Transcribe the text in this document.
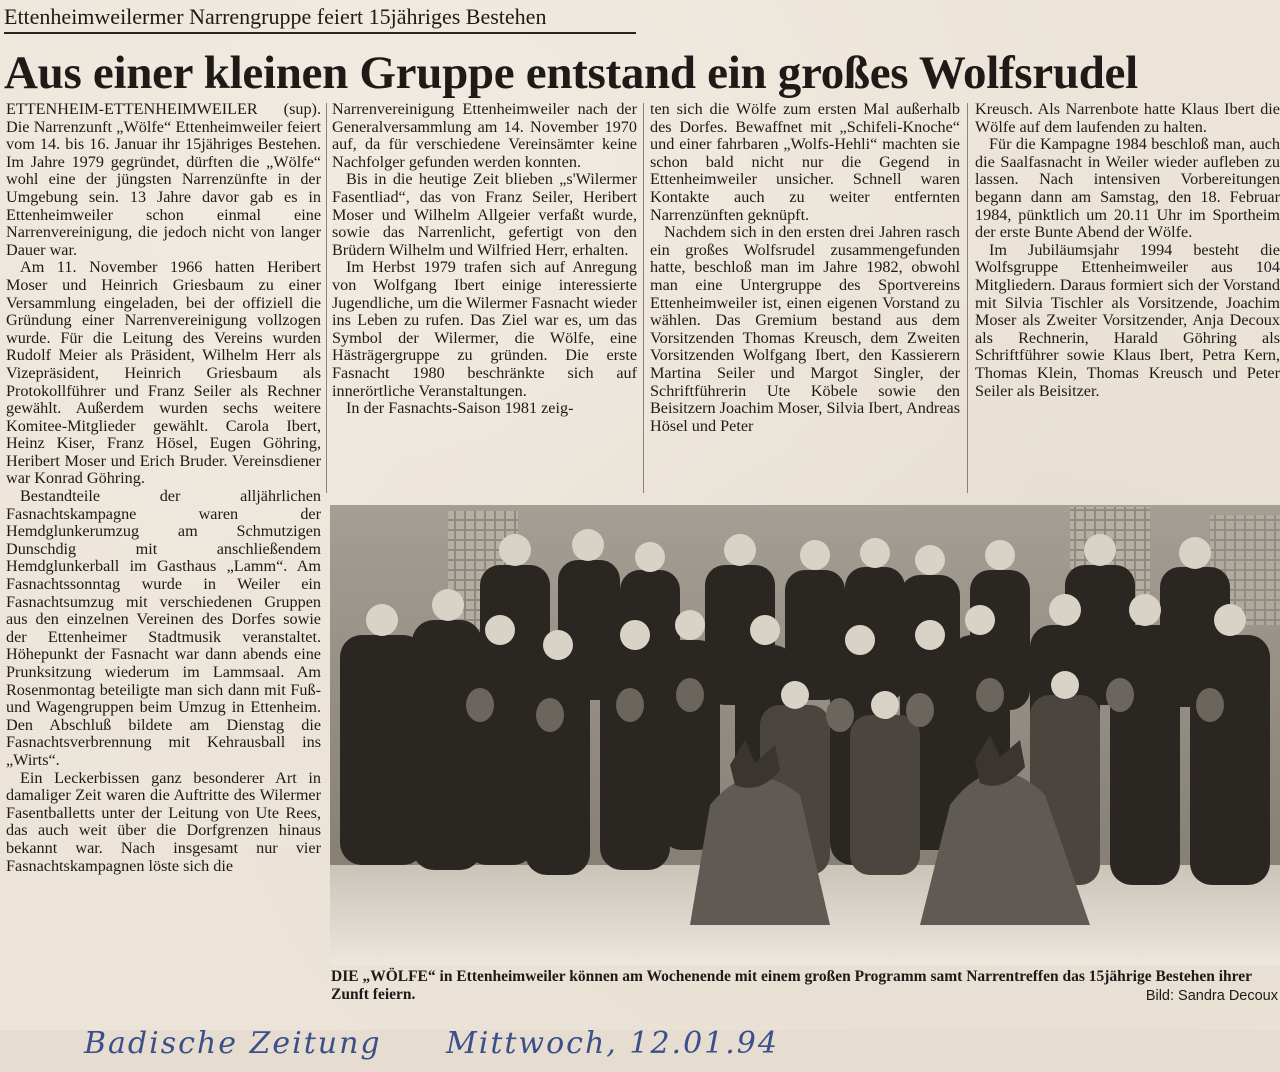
Ettenheimweilermer Narrengruppe feiert 15jähriges Bestehen
Aus einer kleinen Gruppe entstand ein großes Wolfsrudel

ETTENHEIM-ETTENHEIMWEILER (sup). Die Narrenzunft „Wölfe“ Ettenheimweiler feiert vom 14. bis 16. Januar ihr 15jähriges Bestehen. Im Jahre 1979 gegründet, dürften die „Wölfe“ wohl eine der jüngsten Narrenzünfte in der Umgebung sein. 13 Jahre davor gab es in Ettenheimweiler schon einmal eine Narrenvereinigung, die jedoch nicht von langer Dauer war.

Am 11. November 1966 hatten Heribert Moser und Heinrich Griesbaum zu einer Versammlung eingeladen, bei der offiziell die Gründung einer Narrenvereinigung vollzogen wurde. Für die Leitung des Vereins wurden Rudolf Meier als Präsident, Wilhelm Herr als Vizepräsident, Heinrich Griesbaum als Protokollführer und Franz Seiler als Rechner gewählt. Außerdem wurden sechs weitere Komitee-Mitglieder gewählt. Carola Ibert, Heinz Kiser, Franz Hösel, Eugen Göhring, Heribert Moser und Erich Bruder. Vereinsdiener war Konrad Göhring.

Bestandteile der alljährlichen Fasnachtskampagne waren der Hemdglunkerumzug am Schmutzigen Dunschdig mit anschließendem Hemdglunkerball im Gasthaus „Lamm“. Am Fasnachtssonntag wurde in Weiler ein Fasnachtsumzug mit verschiedenen Gruppen aus den einzelnen Vereinen des Dorfes sowie der Ettenheimer Stadtmusik veranstaltet. Höhepunkt der Fasnacht war dann abends eine Prunksitzung wiederum im Lammsaal. Am Rosenmontag beteiligte man sich dann mit Fuß- und Wagengruppen beim Umzug in Ettenheim. Den Abschluß bildete am Dienstag die Fasnachtsverbrennung mit Kehrausball ins „Wirts“.

Ein Leckerbissen ganz besonderer Art in damaliger Zeit waren die Auftritte des Wilermer Fasentballetts unter der Leitung von Ute Rees, das auch weit über die Dorfgrenzen hinaus bekannt war. Nach insgesamt nur vier Fasnachtskampagnen löste sich die

Narrenvereinigung Ettenheimweiler nach der Generalversammlung am 14. November 1970 auf, da für verschiedene Vereinsämter keine Nachfolger gefunden werden konnten.

Bis in die heutige Zeit blieben „s'Wilermer Fasentliad“, das von Franz Seiler, Heribert Moser und Wilhelm Allgeier verfaßt wurde, sowie das Narrenlicht, gefertigt von den Brüdern Wilhelm und Wilfried Herr, erhalten.

Im Herbst 1979 trafen sich auf Anregung von Wolfgang Ibert einige interessierte Jugendliche, um die Wilermer Fasnacht wieder ins Leben zu rufen. Das Ziel war es, um das Symbol der Wilermer, die Wölfe, eine Hästrägergruppe zu gründen. Die erste Fasnacht 1980 beschränkte sich auf innerörtliche Veranstaltungen.

In der Fasnachts-Saison 1981 zeig-

ten sich die Wölfe zum ersten Mal außerhalb des Dorfes. Bewaffnet mit „Schifeli-Knoche“ und einer fahrbaren „Wolfs-Hehli“ machten sie schon bald nicht nur die Gegend in Ettenheimweiler unsicher. Schnell waren Kontakte auch zu weiter entfernten Narrenzünften geknüpft.

Nachdem sich in den ersten drei Jahren rasch ein großes Wolfsrudel zusammengefunden hatte, beschloß man im Jahre 1982, obwohl man eine Untergruppe des Sportvereins Ettenheimweiler ist, einen eigenen Vorstand zu wählen. Das Gremium bestand aus dem Vorsitzenden Thomas Kreusch, dem Zweiten Vorsitzenden Wolfgang Ibert, den Kassierern Martina Seiler und Margot Singler, der Schriftführerin Ute Köbele sowie den Beisitzern Joachim Moser, Silvia Ibert, Andreas Hösel und Peter

Kreusch. Als Narrenbote hatte Klaus Ibert die Wölfe auf dem laufenden zu halten.

Für die Kampagne 1984 beschloß man, auch die Saalfasnacht in Weiler wieder aufleben zu lassen. Nach intensiven Vorbereitungen begann dann am Samstag, den 18. Februar 1984, pünktlich um 20.11 Uhr im Sportheim der erste Bunte Abend der Wölfe.

Im Jubiläumsjahr 1994 besteht die Wolfsgruppe Ettenheimweiler aus 104 Mitgliedern. Daraus formiert sich der Vorstand mit Silvia Tischler als Vorsitzende, Joachim Moser als Zweiter Vorsitzender, Anja Decoux als Rechnerin, Harald Göhring als Schriftführer sowie Klaus Ibert, Petra Kern, Thomas Klein, Thomas Kreusch und Peter Seiler als Beisitzer.

DIE „WÖLFE“ in Ettenheimweiler können am Wochenende mit einem großen Programm samt Narrentreffen das 15jährige Bestehen ihrer Zunft feiern.	Bild: Sandra Decoux
Badische Zeitung Mittwoch, 12.01.94
